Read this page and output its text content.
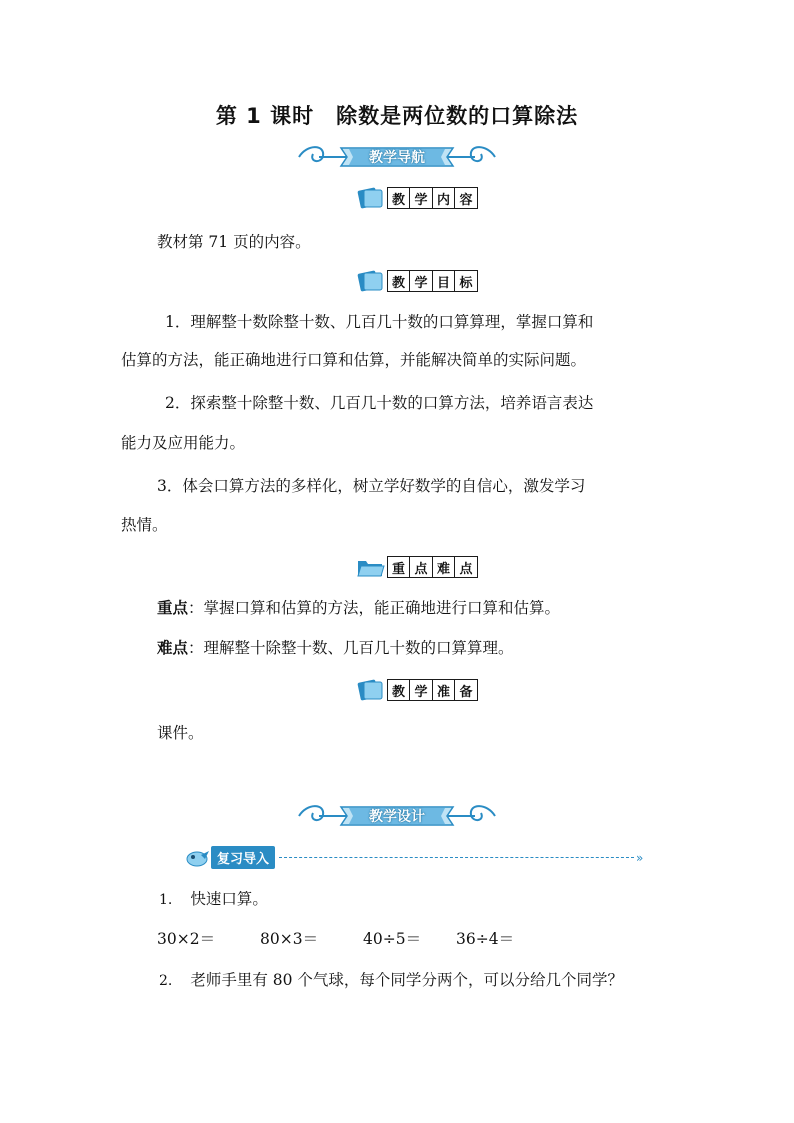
第 1 课时　除数是两位数的口算除法
教学导航
教 学 内 容
教材第 71 页的内容。
教 学 目 标
1．理解整十数除整十数、几百几十数的口算算理，掌握口算和
估算的方法，能正确地进行口算和估算，并能解决简单的实际问题。
2．探索整十除整十数、几百几十数的口算方法，培养语言表达
能力及应用能力。
3．体会口算方法的多样化，树立学好数学的自信心，激发学习
热情。
重 点 难 点
重点：掌握口算和估算的方法，能正确地进行口算和估算。
难点：理解整十除整十数、几百几十数的口算算理。
教 学 准 备
课件。
教学设计
复习导入	»
1. 快速口算。
30×2＝	80×3＝	40÷5＝ 36÷4＝
2. 老师手里有 80 个气球，每个同学分两个，可以分给几个同学？
